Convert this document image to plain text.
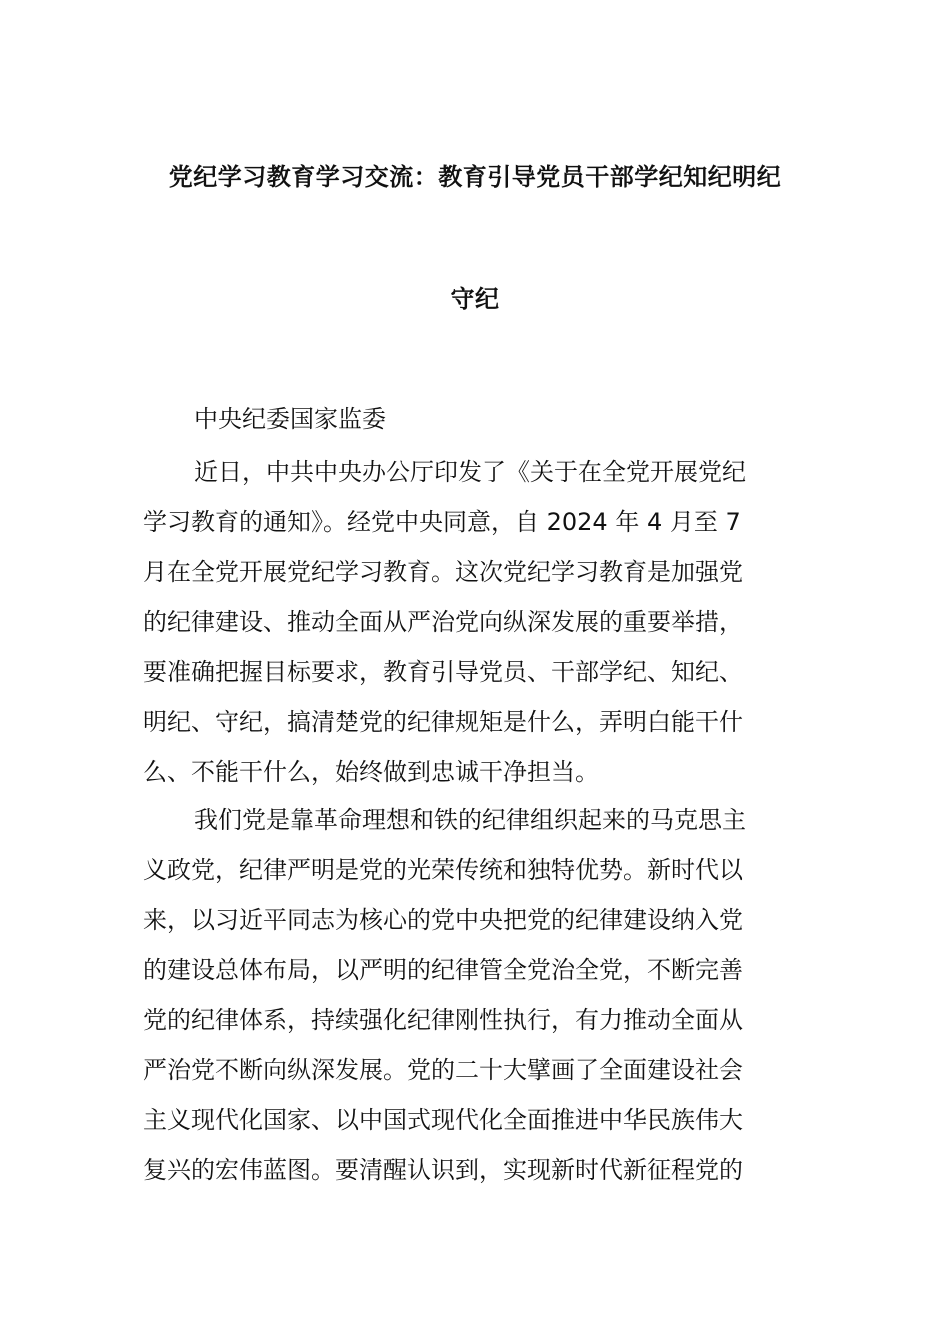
党纪学习教育学习交流：教育引导党员干部学纪知纪明纪
守纪
中央纪委国家监委
近日，中共中央办公厅印发了《关于在全党开展党纪
学习教育的通知》。经党中央同意，自 2024 年 4 月至 7
月在全党开展党纪学习教育。这次党纪学习教育是加强党
的纪律建设、推动全面从严治党向纵深发展的重要举措，
要准确把握目标要求，教育引导党员、干部学纪、知纪、
明纪、守纪，搞清楚党的纪律规矩是什么，弄明白能干什
么、不能干什么，始终做到忠诚干净担当。
我们党是靠革命理想和铁的纪律组织起来的马克思主
义政党，纪律严明是党的光荣传统和独特优势。新时代以
来，以习近平同志为核心的党中央把党的纪律建设纳入党
的建设总体布局，以严明的纪律管全党治全党，不断完善
党的纪律体系，持续强化纪律刚性执行，有力推动全面从
严治党不断向纵深发展。党的二十大擘画了全面建设社会
主义现代化国家、以中国式现代化全面推进中华民族伟大
复兴的宏伟蓝图。要清醒认识到，实现新时代新征程党的
